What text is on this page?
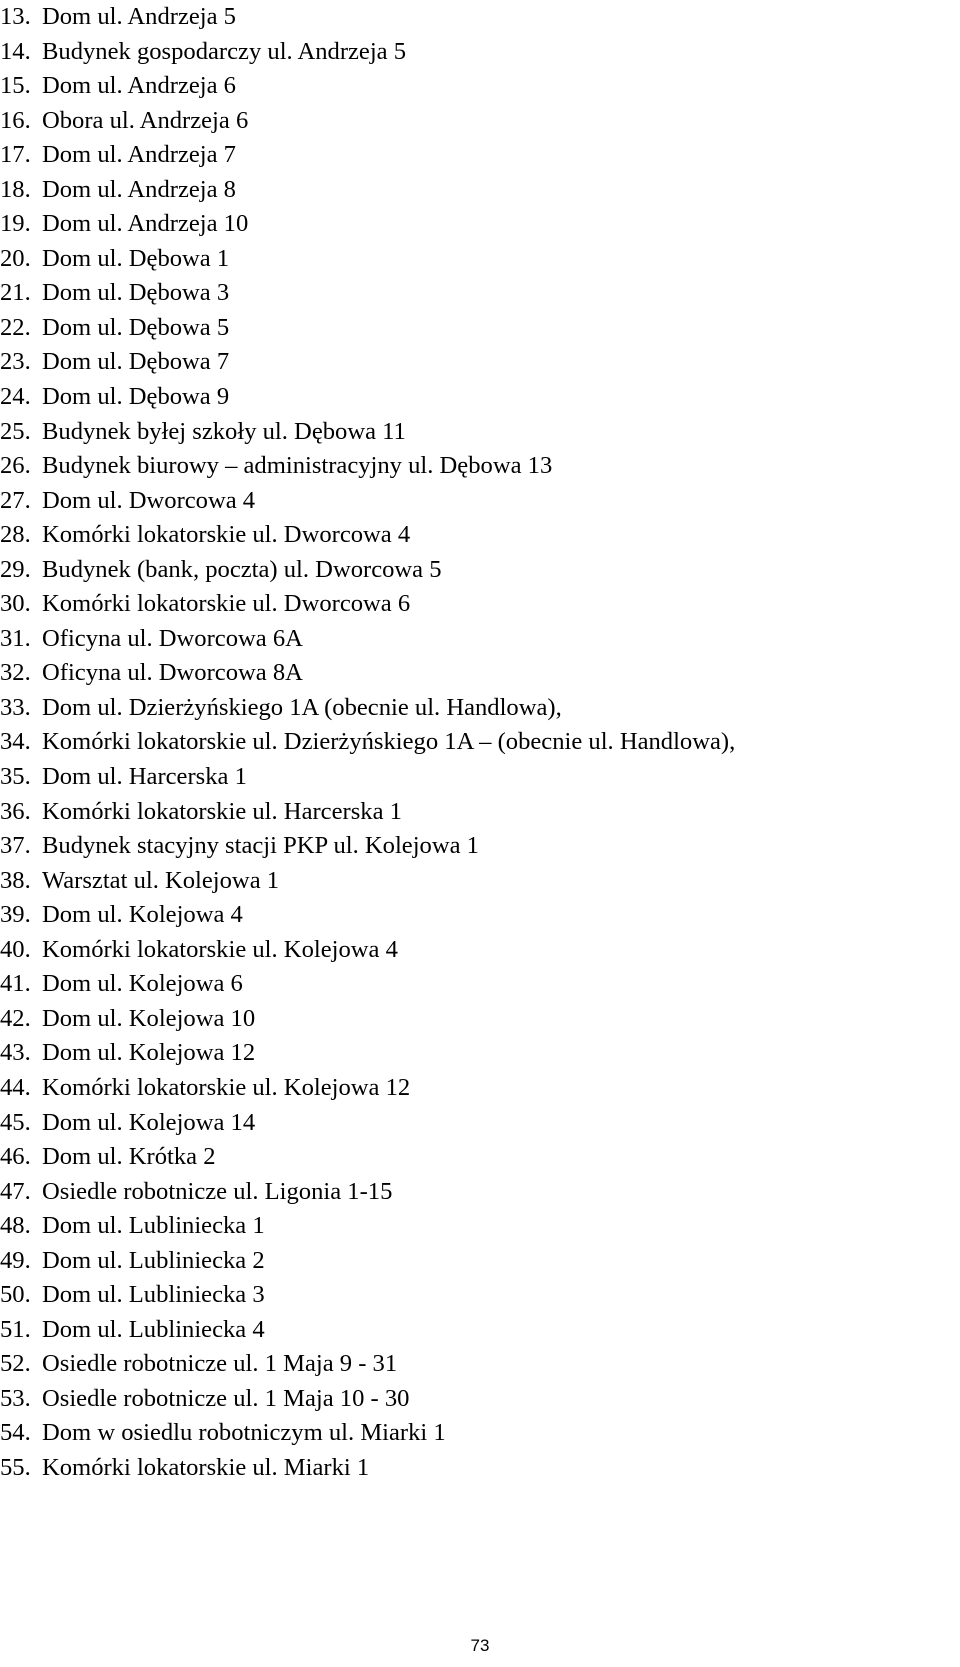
13. Dom ul. Andrzeja 5
14. Budynek gospodarczy ul. Andrzeja 5
15. Dom ul. Andrzeja 6
16. Obora ul. Andrzeja 6
17. Dom ul. Andrzeja 7
18. Dom ul. Andrzeja 8
19. Dom ul. Andrzeja 10
20. Dom ul. Dębowa 1
21. Dom ul. Dębowa 3
22. Dom ul. Dębowa 5
23. Dom ul. Dębowa 7
24. Dom ul. Dębowa 9
25. Budynek byłej szkoły ul. Dębowa 11
26. Budynek biurowy – administracyjny ul. Dębowa 13
27. Dom ul. Dworcowa 4
28. Komórki lokatorskie ul. Dworcowa 4
29. Budynek (bank, poczta) ul. Dworcowa 5
30. Komórki lokatorskie ul. Dworcowa 6
31. Oficyna ul. Dworcowa 6A
32. Oficyna ul. Dworcowa 8A
33. Dom ul. Dzierżyńskiego 1A (obecnie ul. Handlowa),
34. Komórki lokatorskie ul. Dzierżyńskiego 1A – (obecnie ul. Handlowa),
35. Dom ul. Harcerska 1
36. Komórki lokatorskie ul. Harcerska 1
37. Budynek stacyjny stacji PKP ul. Kolejowa 1
38. Warsztat ul. Kolejowa 1
39. Dom ul. Kolejowa 4
40. Komórki lokatorskie ul. Kolejowa 4
41. Dom ul. Kolejowa 6
42. Dom ul. Kolejowa 10
43. Dom ul. Kolejowa 12
44. Komórki lokatorskie ul. Kolejowa 12
45. Dom ul. Kolejowa 14
46. Dom ul. Krótka 2
47. Osiedle robotnicze ul. Ligonia 1-15
48. Dom ul. Lubliniecka 1
49. Dom ul. Lubliniecka 2
50. Dom ul. Lubliniecka 3
51. Dom ul. Lubliniecka 4
52. Osiedle robotnicze ul. 1 Maja 9 - 31
53. Osiedle robotnicze ul. 1 Maja 10 - 30
54. Dom w osiedlu robotniczym ul. Miarki 1
55. Komórki lokatorskie ul. Miarki 1
73
